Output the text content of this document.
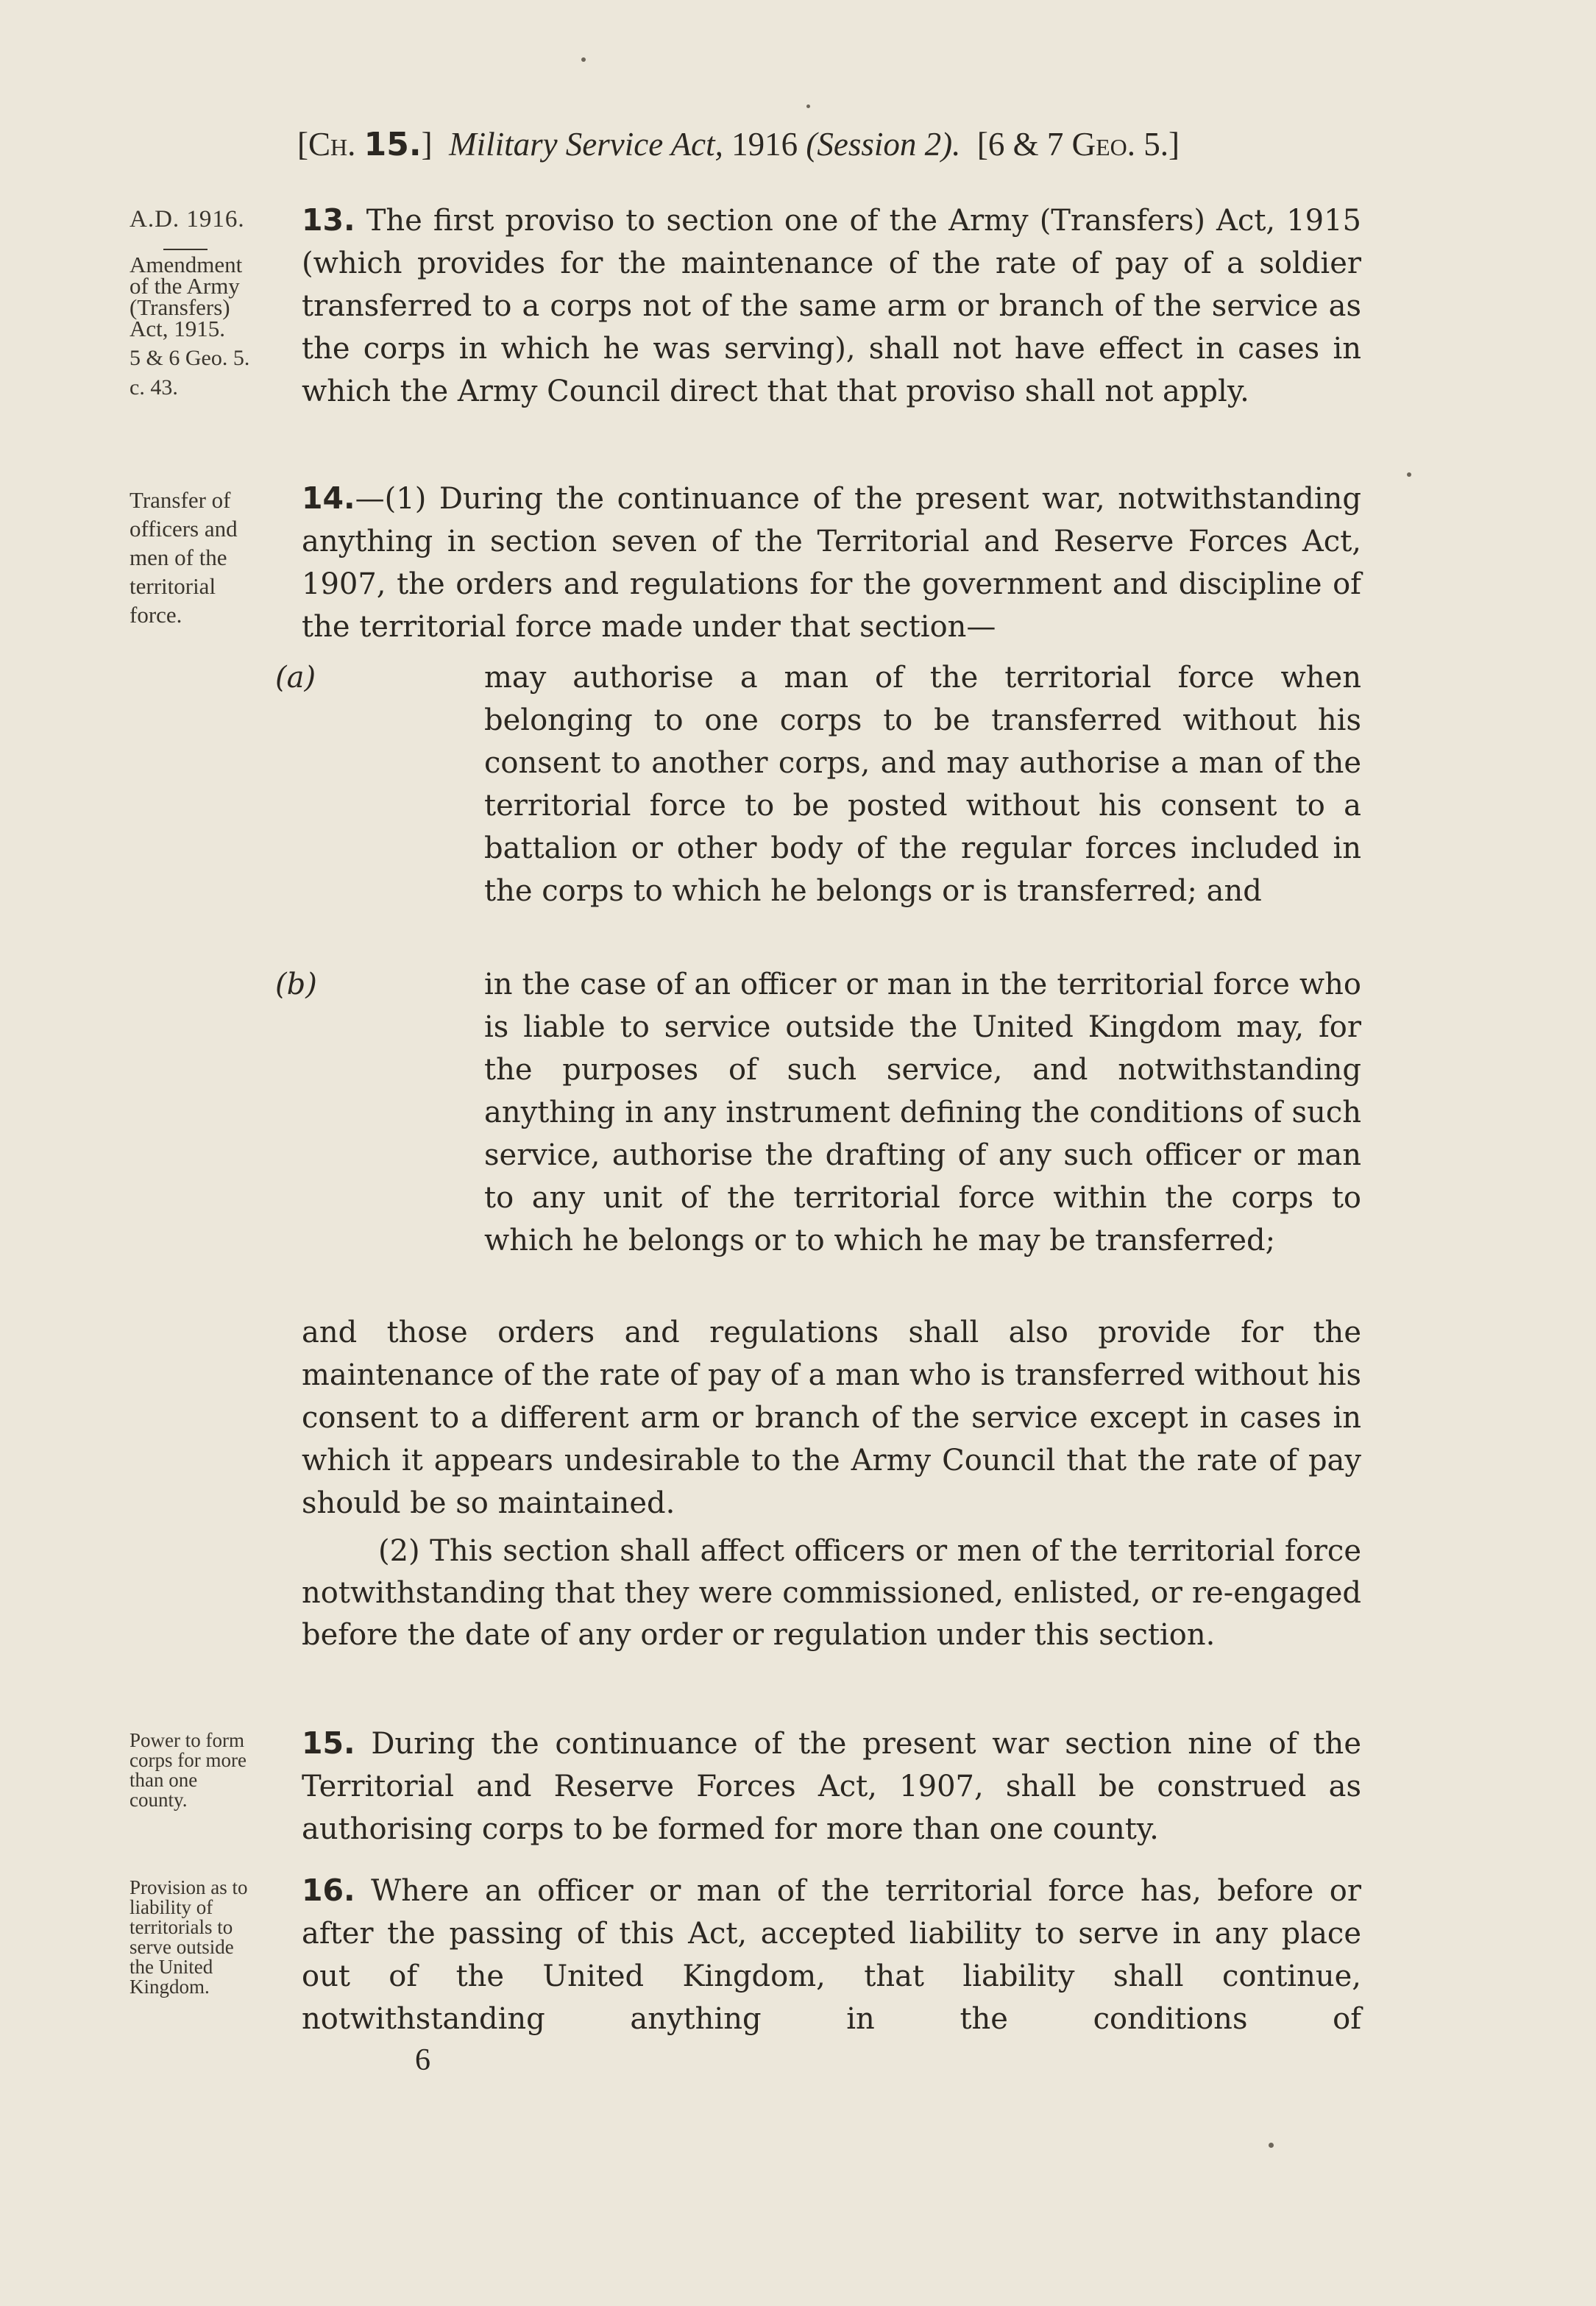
[Ch. 15.] Military Service Act, 1916 (Session 2). [6 & 7 Geo. 5.]
A.D. 1916.
Amendment
of the Army
(Transfers)
Act, 1915.
5 & 6 Geo. 5.
c. 43.
Transfer of
officers and
men of the
territorial
force.
Power to form
corps for more
than one
county.
Provision as to
liability of
territorials to
serve outside
the United
Kingdom.
13. The first proviso to section one of the Army (Transfers) Act, 1915 (which provides for the maintenance of the rate of pay of a soldier transferred to a corps not of the same arm or branch of the service as the corps in which he was serving), shall not have effect in cases in which the Army Council direct that that proviso shall not apply.
14.—(1) During the continuance of the present war, notwithstanding anything in section seven of the Territorial and Reserve Forces Act, 1907, the orders and regulations for the government and discipline of the territorial force made under that section—
(a)	may authorise a man of the territorial force when belonging to one corps to be transferred without his consent to another corps, and may authorise a man of the territorial force to be posted without his consent to a battalion or other body of the regular forces included in the corps to which he belongs or is transferred; and
(b)	in the case of an officer or man in the territorial force who is liable to service outside the United Kingdom may, for the purposes of such service, and notwithstanding anything in any instrument defining the conditions of such service, authorise the drafting of any such officer or man to any unit of the territorial force within the corps to which he belongs or to which he may be transferred;
and those orders and regulations shall also provide for the maintenance of the rate of pay of a man who is transferred without his consent to a different arm or branch of the service except in cases in which it appears undesirable to the Army Council that the rate of pay should be so maintained.
(2) This section shall affect officers or men of the territorial force notwithstanding that they were commissioned, enlisted, or re-engaged before the date of any order or regulation under this section.
15. During the continuance of the present war section nine of the Territorial and Reserve Forces Act, 1907, shall be construed as authorising corps to be formed for more than one county.
16. Where an officer or man of the territorial force has, before or after the passing of this Act, accepted liability to serve in any place out of the United Kingdom, that liability shall continue, notwithstanding anything in the conditions of
6
